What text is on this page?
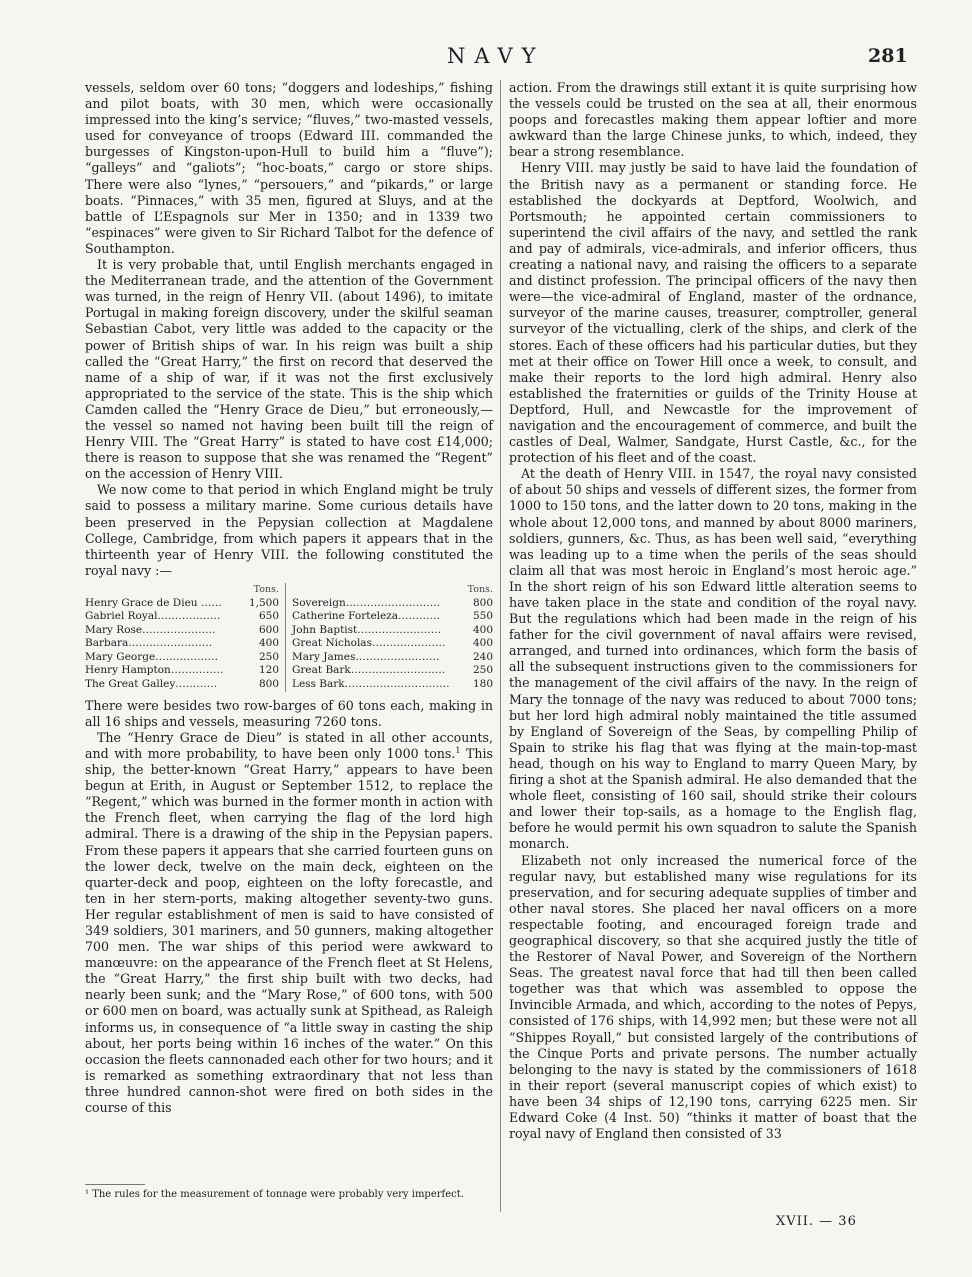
NAVY	281

vessels, seldom over 60 tons; “doggers and lodeships,” fishing and pilot boats, with 30 men, which were occasionally impressed into the king’s service; “fluves,” two-masted vessels, used for conveyance of troops (Edward III. commanded the burgesses of Kingston-upon-Hull to build him a “fluve”); “galleys” and “galiots”; “hoc-boats,” cargo or store ships. There were also “lynes,” “persouers,” and “pikards,” or large boats. “Pinnaces,” with 35 men, figured at Sluys, and at the battle of L’Espagnols sur Mer in 1350; and in 1339 two “espinaces” were given to Sir Richard Talbot for the defence of Southampton.

It is very probable that, until English merchants engaged in the Mediterranean trade, and the attention of the Government was turned, in the reign of Henry VII. (about 1496), to imitate Portugal in making foreign discovery, under the skilful seaman Sebastian Cabot, very little was added to the capacity or the power of British ships of war. In his reign was built a ship called the “Great Harry,” the first on record that deserved the name of a ship of war, if it was not the first exclusively appropriated to the service of the state. This is the ship which Camden called the “Henry Grace de Dieu,” but erroneously,—the vessel so named not having been built till the reign of Henry VIII. The “Great Harry” is stated to have cost £14,000; there is reason to suppose that she was renamed the “Regent” on the accession of Henry VIII.

We now come to that period in which England might be truly said to possess a military marine. Some curious details have been preserved in the Pepysian collection at Magdalene College, Cambridge, from which papers it appears that in the thirteenth year of Henry VIII. the following constituted the royal navy :—

	Tons.		Tons.
Henry Grace de Dieu ……	1,500	Sovereign………………………	800
Gabriel Royal………………	650	Catherine Forteleza…………	550
Mary Rose…………………	600	John Baptist……………………	400
Barbara……………………	400	Great Nicholas…………………	400
Mary George………………	250	Mary James……………………	240
Henry Hampton……………	120	Great Bark………………………	250
The Great Galley…………	800	Less Bark…………………………	180

There were besides two row-barges of 60 tons each, making in all 16 ships and vessels, measuring 7260 tons.

The “Henry Grace de Dieu” is stated in all other accounts, and with more probability, to have been only 1000 tons.$^1$ This ship, the better-known “Great Harry,” appears to have been begun at Erith, in August or September 1512, to replace the “Regent,” which was burned in the former month in action with the French fleet, when carrying the flag of the lord high admiral. There is a drawing of the ship in the Pepysian papers. From these papers it appears that she carried fourteen guns on the lower deck, twelve on the main deck, eighteen on the quarter-deck and poop, eighteen on the lofty forecastle, and ten in her stern-ports, making altogether seventy-two guns. Her regular establishment of men is said to have consisted of 349 soldiers, 301 mariners, and 50 gunners, making altogether 700 men. The war ships of this period were awkward to manœuvre: on the appearance of the French fleet at St Helens, the “Great Harry,” the first ship built with two decks, had nearly been sunk; and the “Mary Rose,” of 600 tons, with 500 or 600 men on board, was actually sunk at Spithead, as Raleigh informs us, in consequence of “a little sway in casting the ship about, her ports being within 16 inches of the water.” On this occasion the fleets cannonaded each other for two hours; and it is remarked as something extraordinary that not less than three hundred cannon-shot were fired on both sides in the course of this

action. From the drawings still extant it is quite surprising how the vessels could be trusted on the sea at all, their enormous poops and forecastles making them appear loftier and more awkward than the large Chinese junks, to which, indeed, they bear a strong resemblance.

Henry VIII. may justly be said to have laid the foundation of the British navy as a permanent or standing force. He established the dockyards at Deptford, Woolwich, and Portsmouth; he appointed certain commissioners to superintend the civil affairs of the navy, and settled the rank and pay of admirals, vice-admirals, and inferior officers, thus creating a national navy, and raising the officers to a separate and distinct profession. The principal officers of the navy then were—the vice-admiral of England, master of the ordnance, surveyor of the marine causes, treasurer, comptroller, general surveyor of the victualling, clerk of the ships, and clerk of the stores. Each of these officers had his particular duties, but they met at their office on Tower Hill once a week, to consult, and make their reports to the lord high admiral. Henry also established the fraternities or guilds of the Trinity House at Deptford, Hull, and Newcastle for the improvement of navigation and the encouragement of commerce, and built the castles of Deal, Walmer, Sandgate, Hurst Castle, &c., for the protection of his fleet and of the coast.

At the death of Henry VIII. in 1547, the royal navy consisted of about 50 ships and vessels of different sizes, the former from 1000 to 150 tons, and the latter down to 20 tons, making in the whole about 12,000 tons, and manned by about 8000 mariners, soldiers, gunners, &c. Thus, as has been well said, “everything was leading up to a time when the perils of the seas should claim all that was most heroic in England’s most heroic age.” In the short reign of his son Edward little alteration seems to have taken place in the state and condition of the royal navy. But the regulations which had been made in the reign of his father for the civil government of naval affairs were revised, arranged, and turned into ordinances, which form the basis of all the subsequent instructions given to the commissioners for the management of the civil affairs of the navy. In the reign of Mary the tonnage of the navy was reduced to about 7000 tons; but her lord high admiral nobly maintained the title assumed by England of Sovereign of the Seas, by compelling Philip of Spain to strike his flag that was flying at the main-top-mast head, though on his way to England to marry Queen Mary, by firing a shot at the Spanish admiral. He also demanded that the whole fleet, consisting of 160 sail, should strike their colours and lower their top-sails, as a homage to the English flag, before he would permit his own squadron to salute the Spanish monarch.

Elizabeth not only increased the numerical force of the regular navy, but established many wise regulations for its preservation, and for securing adequate supplies of timber and other naval stores. She placed her naval officers on a more respectable footing, and encouraged foreign trade and geographical discovery, so that she acquired justly the title of the Restorer of Naval Power, and Sovereign of the Northern Seas. The greatest naval force that had till then been called together was that which was assembled to oppose the Invincible Armada, and which, according to the notes of Pepys, consisted of 176 ships, with 14,992 men; but these were not all “Shippes Royall,” but consisted largely of the contributions of the Cinque Ports and private persons. The number actually belonging to the navy is stated by the commissioners of 1618 in their report (several manuscript copies of which exist) to have been 34 ships of 12,190 tons, carrying 6225 men. Sir Edward Coke (4 Inst. 50) “thinks it matter of boast that the royal navy of England then consisted of 33

¹ The rules for the measurement of tonnage were probably very imperfect.
XVII. — 36
